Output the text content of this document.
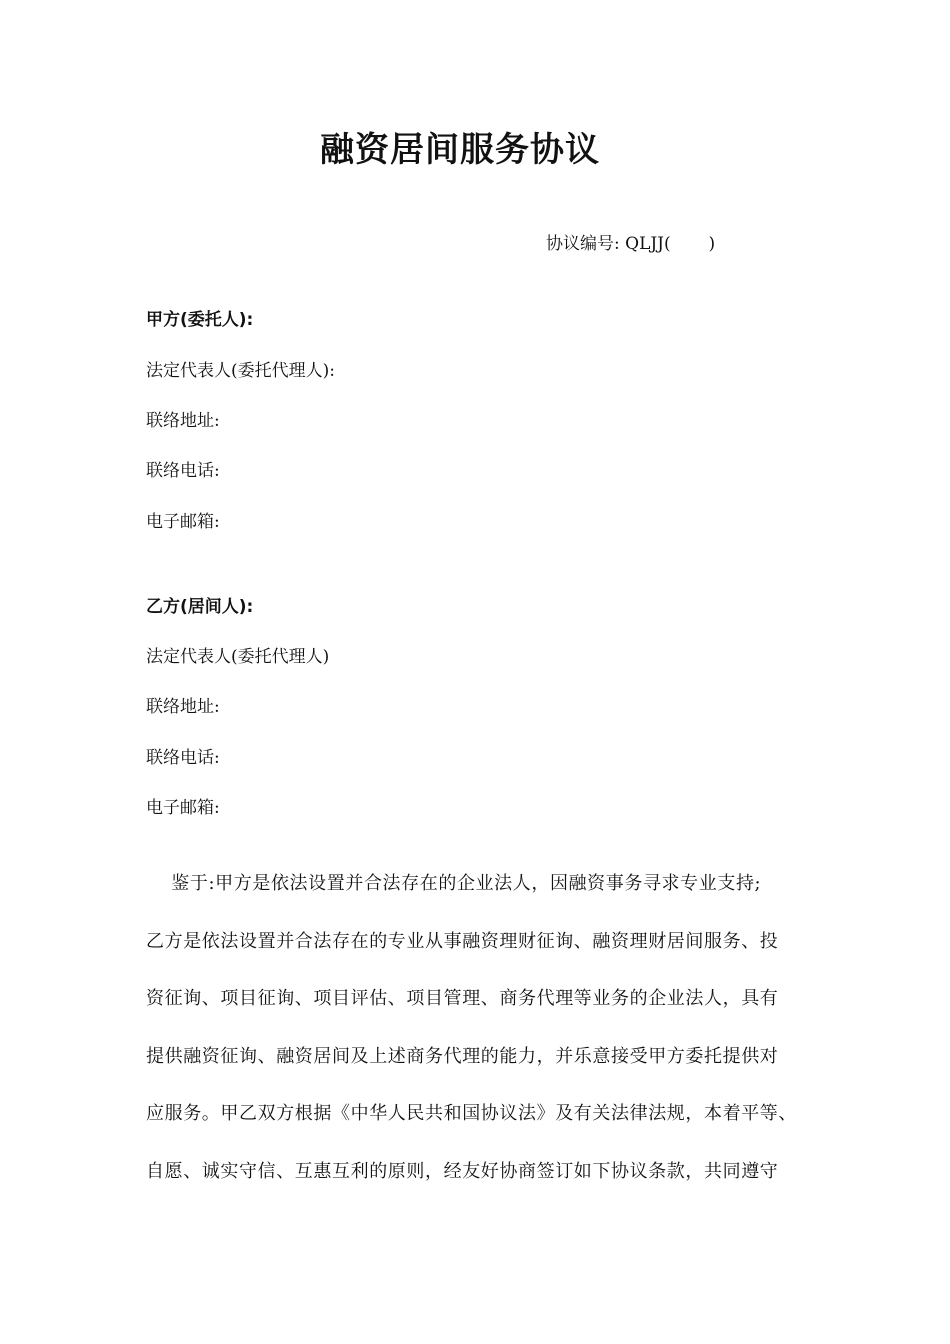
融资居间服务协议
协议编号: QLJJ(       )
甲方(委托人):
法定代表人(委托代理人):
联络地址:
联络电话:
电子邮箱:
乙方(居间人):
法定代表人(委托代理人)
联络地址:
联络电话:
电子邮箱:
鉴于:甲方是依法设置并合法存在的企业法人，因融资事务寻求专业支持;
乙方是依法设置并合法存在的专业从事融资理财征询、融资理财居间服务、投
资征询、项目征询、项目评估、项目管理、商务代理等业务的企业法人，具有
提供融资征询、融资居间及上述商务代理的能力，并乐意接受甲方委托提供对
应服务。甲乙双方根据《中华人民共和国协议法》及有关法律法规，本着平等、
自愿、诚实守信、互惠互利的原则，经友好协商签订如下协议条款，共同遵守
